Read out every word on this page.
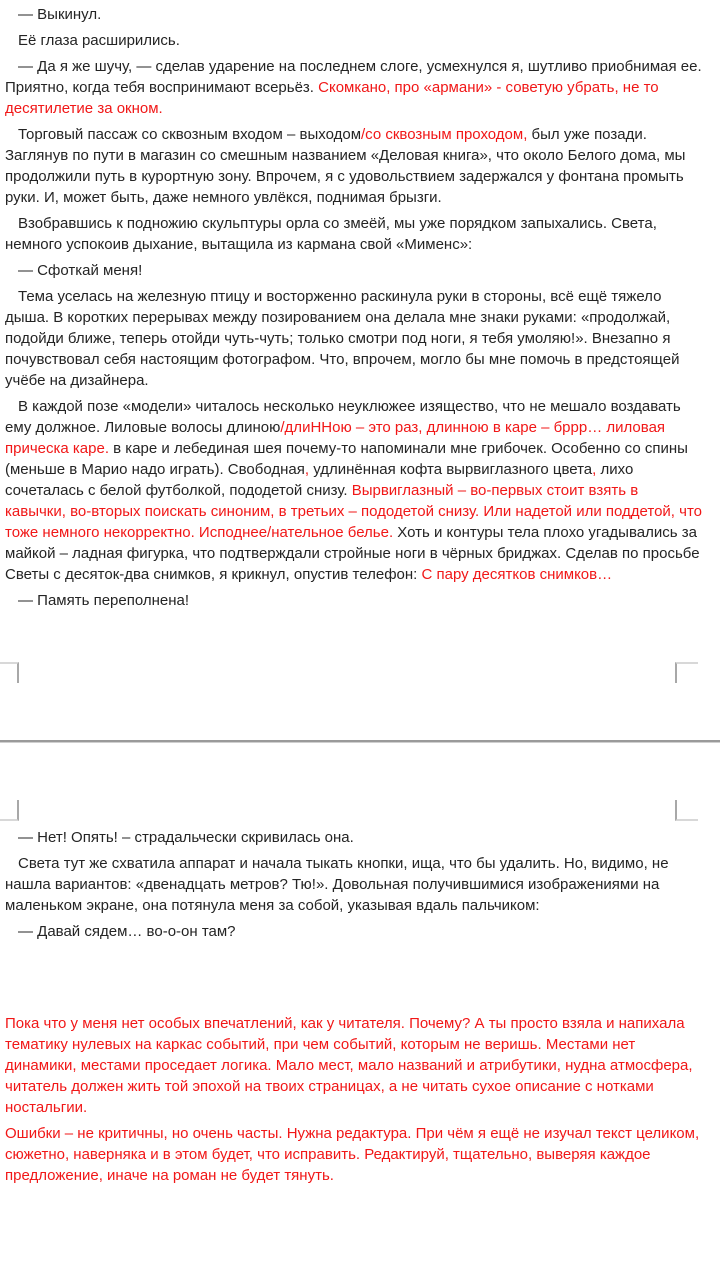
— Выкинул.

Её глаза расширились.

— Да я же шучу, — сделав ударение на последнем слоге, усмехнулся я, шутливо приобнимая ее. Приятно, когда тебя воспринимают всерьёз. Скомкано, про «армани» - советую убрать, не то десятилетие за окном.

Торговый пассаж со сквозным входом – выходом/со сквозным проходом, был уже позади. Заглянув по пути в магазин со смешным названием «Деловая книга», что около Белого дома, мы продолжили путь в курортную зону. Впрочем, я с удовольствием задержался у фонтана промыть руки. И, может быть, даже немного увлёкся, поднимая брызги.

Взобравшись к подножию скульптуры орла со змеёй, мы уже порядком запыхались. Света, немного успокоив дыхание, вытащила из кармана свой «Мименс»:

— Сфоткай меня!

Тема уселась на железную птицу и восторженно раскинула руки в стороны, всё ещё тяжело дыша. В коротких перерывах между позированием она делала мне знаки руками: «продолжай, подойди ближе, теперь отойди чуть-чуть; только смотри под ноги, я тебя умоляю!». Внезапно я почувствовал себя настоящим фотографом. Что, впрочем, могло бы мне помочь в предстоящей учёбе на дизайнера.

В каждой позе «модели» читалось несколько неуклюжее изящество, что не мешало воздавать ему должное. Лиловые волосы длиною/длиННою – это раз, длинною в каре – бррр… лиловая прическа каре. в каре и лебединая шея почему-то напоминали мне грибочек. Особенно со спины (меньше в Марио надо играть). Свободная, удлинённая кофта вырвиглазного цвета, лихо сочеталась с белой футболкой, пододетой снизу. Вырвиглазный – во-первых стоит взять в кавычки, во-вторых поискать синоним, в третьих – пододетой снизу. Или надетой или поддетой, что тоже немного некорректно. Исподнее/нательное белье. Хоть и контуры тела плохо угадывались за майкой – ладная фигурка, что подтверждали стройные ноги в чёрных бриджах. Сделав по просьбе Светы с десяток-два снимков, я крикнул, опустив телефон: С пару десятков снимков…

— Память переполнена!

— Нет! Опять! – страдальчески скривилась она.

Света тут же схватила аппарат и начала тыкать кнопки, ища, что бы удалить. Но, видимо, не нашла вариантов: «двенадцать метров? Тю!». Довольная получившимися изображениями на маленьком экране, она потянула меня за собой, указывая вдаль пальчиком:

— Давай сядем… во-о-он там?

Пока что у меня нет особых впечатлений, как у читателя. Почему? А ты просто взяла и напихала тематику нулевых на каркас событий, при чем событий, которым не веришь. Местами нет динамики, местами проседает логика. Мало мест, мало названий и атрибутики, нудна атмосфера, читатель должен жить той эпохой на твоих страницах, а не читать сухое описание с нотками ностальгии.

Ошибки – не критичны, но очень часты. Нужна редактура. При чём я ещё не изучал текст целиком, сюжетно, наверняка и в этом будет, что исправить. Редактируй, тщательно, выверяя каждое предложение, иначе на роман не будет тянуть.
